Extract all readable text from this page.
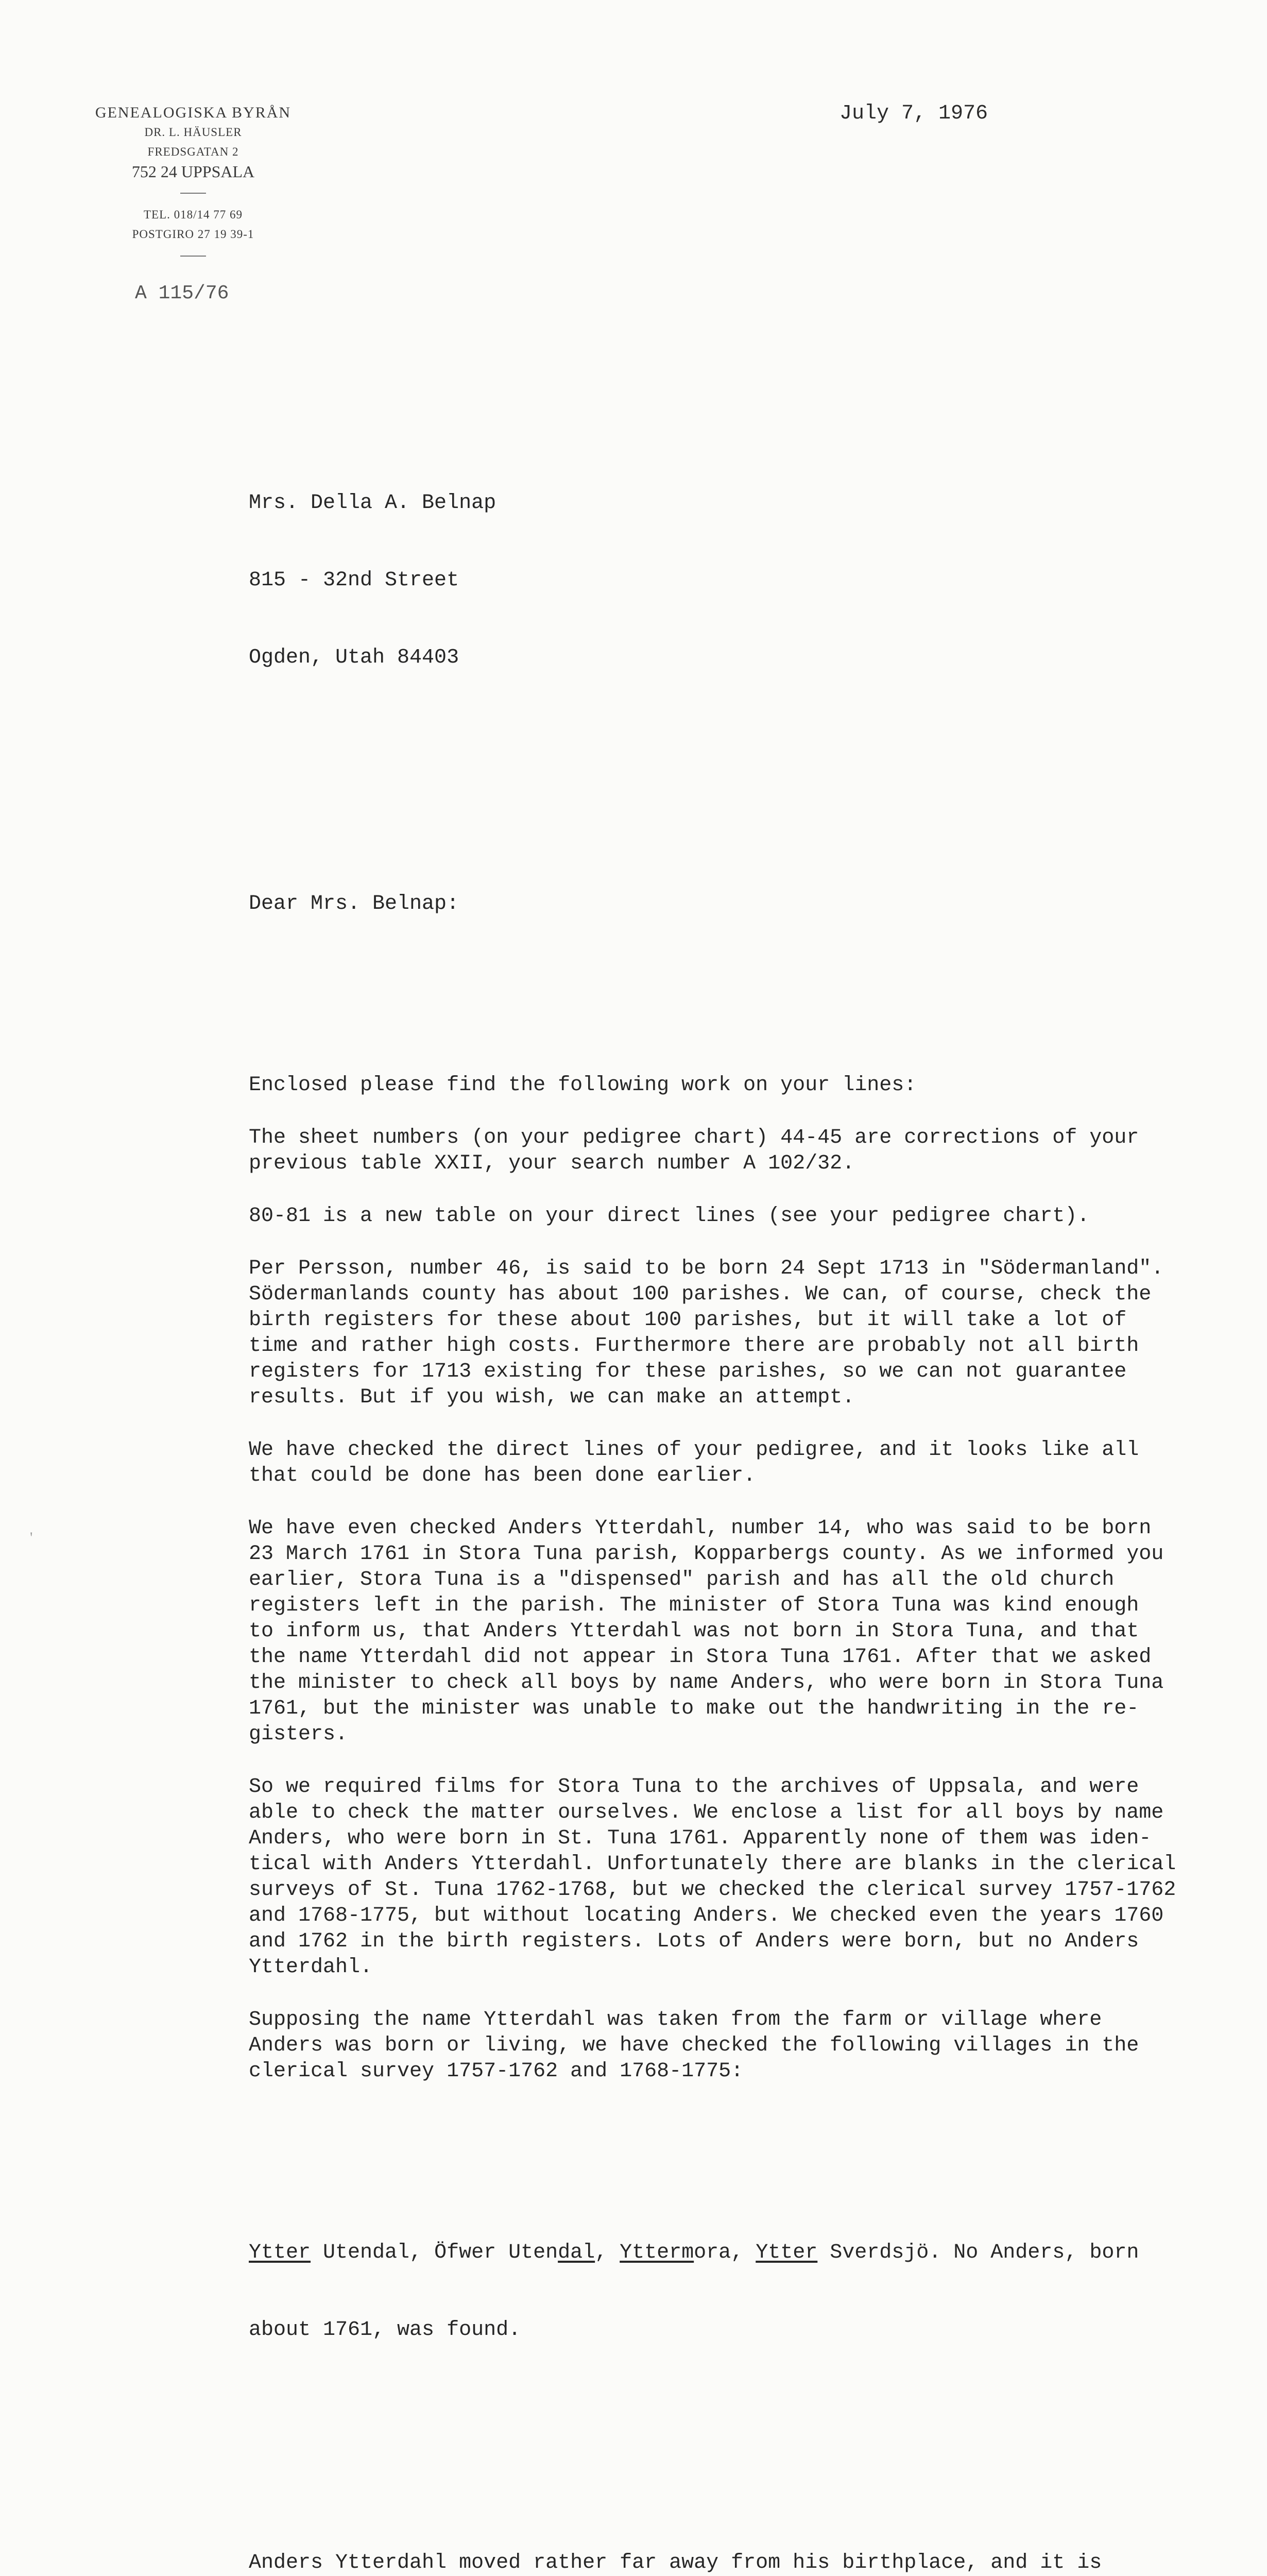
GENEALOGISKA BYRÅN
DR. L. HÄUSLER
FREDSGATAN 2
752 24 UPPSALA
TEL. 018/14 77 69
POSTGIRO 27 19 39-1
A 115/76
July 7, 1976

Mrs. Della A. Belnap

815 - 32nd Street

Ogden, Utah 84403

Dear Mrs. Belnap:

Enclosed please find the following work on your lines:
The sheet numbers (on your pedigree chart) 44-45 are corrections of your
previous table XXII, your search number A 102/32.
80-81 is a new table on your direct lines (see your pedigree chart).
Per Persson, number 46, is said to be born 24 Sept 1713 in "Södermanland".
Södermanlands county has about 100 parishes. We can, of course, check the
birth registers for these about 100 parishes, but it will take a lot of
time and rather high costs. Furthermore there are probably not all birth
registers for 1713 existing for these parishes, so we can not guarantee
results. But if you wish, we can make an attempt.
We have checked the direct lines of your pedigree, and it looks like all
that could be done has been done earlier.
We have even checked Anders Ytterdahl, number 14, who was said to be born
23 March 1761 in Stora Tuna parish, Kopparbergs county. As we informed you
earlier, Stora Tuna is a "dispensed" parish and has all the old church
registers left in the parish. The minister of Stora Tuna was kind enough
to inform us, that Anders Ytterdahl was not born in Stora Tuna, and that
the name Ytterdahl did not appear in Stora Tuna 1761. After that we asked
the minister to check all boys by name Anders, who were born in Stora Tuna
1761, but the minister was unable to make out the handwriting in the re-
gisters.
So we required films for Stora Tuna to the archives of Uppsala, and were
able to check the matter ourselves. We enclose a list for all boys by name
Anders, who were born in St. Tuna 1761. Apparently none of them was iden-
tical with Anders Ytterdahl. Unfortunately there are blanks in the clerical
surveys of St. Tuna 1762-1768, but we checked the clerical survey 1757-1762
and 1768-1775, but without locating Anders. We checked even the years 1760
and 1762 in the birth registers. Lots of Anders were born, but no Anders
Ytterdahl.
Supposing the name Ytterdahl was taken from the farm or village where
Anders was born or living, we have checked the following villages in the
clerical survey 1757-1762 and 1768-1775:

Ytter Utendal, Öfwer Utendal, Yttermora, Ytter Sverdsjö. No Anders, born

about 1761, was found.

Anders Ytterdahl moved rather far away from his birthplace, and it is

'
